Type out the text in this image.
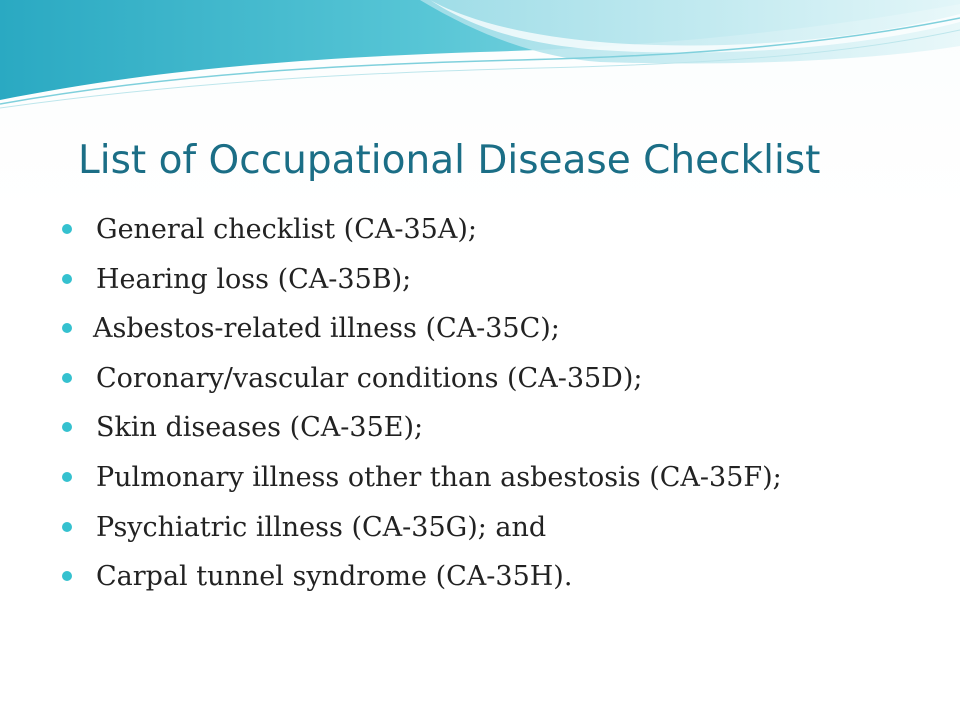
List of Occupational Disease Checklist
General checklist (CA-35A);
Hearing loss (CA-35B);
Asbestos-related illness (CA-35C);
Coronary/vascular conditions (CA-35D);
Skin diseases (CA-35E);
Pulmonary illness other than asbestosis (CA-35F);
Psychiatric illness (CA-35G); and
Carpal tunnel syndrome (CA-35H).
